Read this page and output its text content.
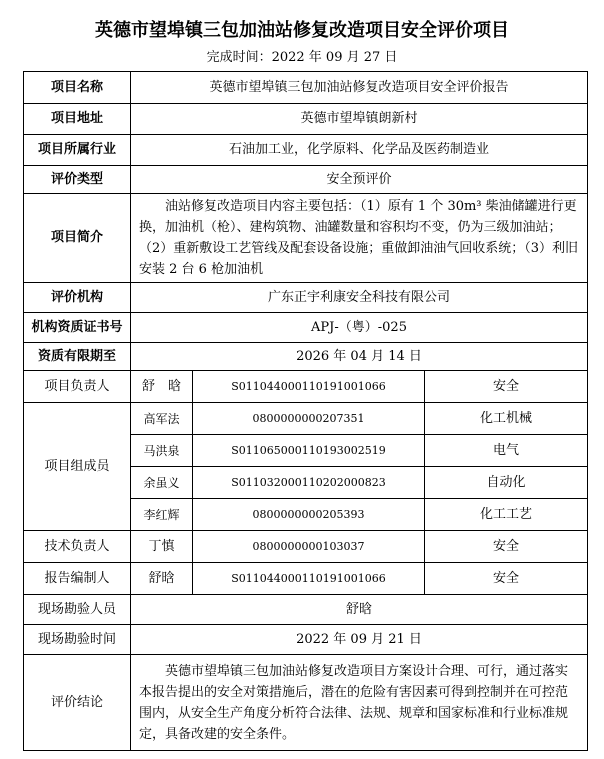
英德市望埠镇三包加油站修复改造项目安全评价项目
完成时间：2022 年 09 月 27 日
项目名称	英德市望埠镇三包加油站修复改造项目安全评价报告		
项目地址	英德市望埠镇朗新村		
项目所属行业	石油加工业，化学原料、化学品及医药制造业		
评价类型	安全预评价		
项目简介	油站修复改造项目内容主要包括：（1）原有 1 个 30m³ 柴油储罐进行更换，加油机（枪）、建构筑物、油罐数量和容积均不变，仍为三级加油站；（2）重新敷设工艺管线及配套设备设施；重做卸油油气回收系统；（3）利旧安装 2 台 6 枪加油机		
评价机构	广东正宇利康安全科技有限公司		
机构资质证书号	APJ-（粤）-025		
资质有限期至	2026 年 04 月 14 日		
项目负责人	舒　晗	S011044000110191001066	安全
项目组成员	高军法	0800000000207351	化工机械
	马洪泉	S011065000110193002519	电气
	余虽义	S011032000110202000823	自动化
	李红辉	0800000000205393	化工工艺
技术负责人	丁慎	0800000000103037	安全
报告编制人	舒晗	S011044000110191001066	安全
现场勘验人员	舒晗		
现场勘验时间	2022 年 09 月 21 日		
评价结论	英德市望埠镇三包加油站修复改造项目方案设计合理、可行，通过落实本报告提出的安全对策措施后，潜在的危险有害因素可得到控制并在可控范围内，从安全生产角度分析符合法律、法规、规章和国家标准和行业标准规定，具备改建的安全条件。		
